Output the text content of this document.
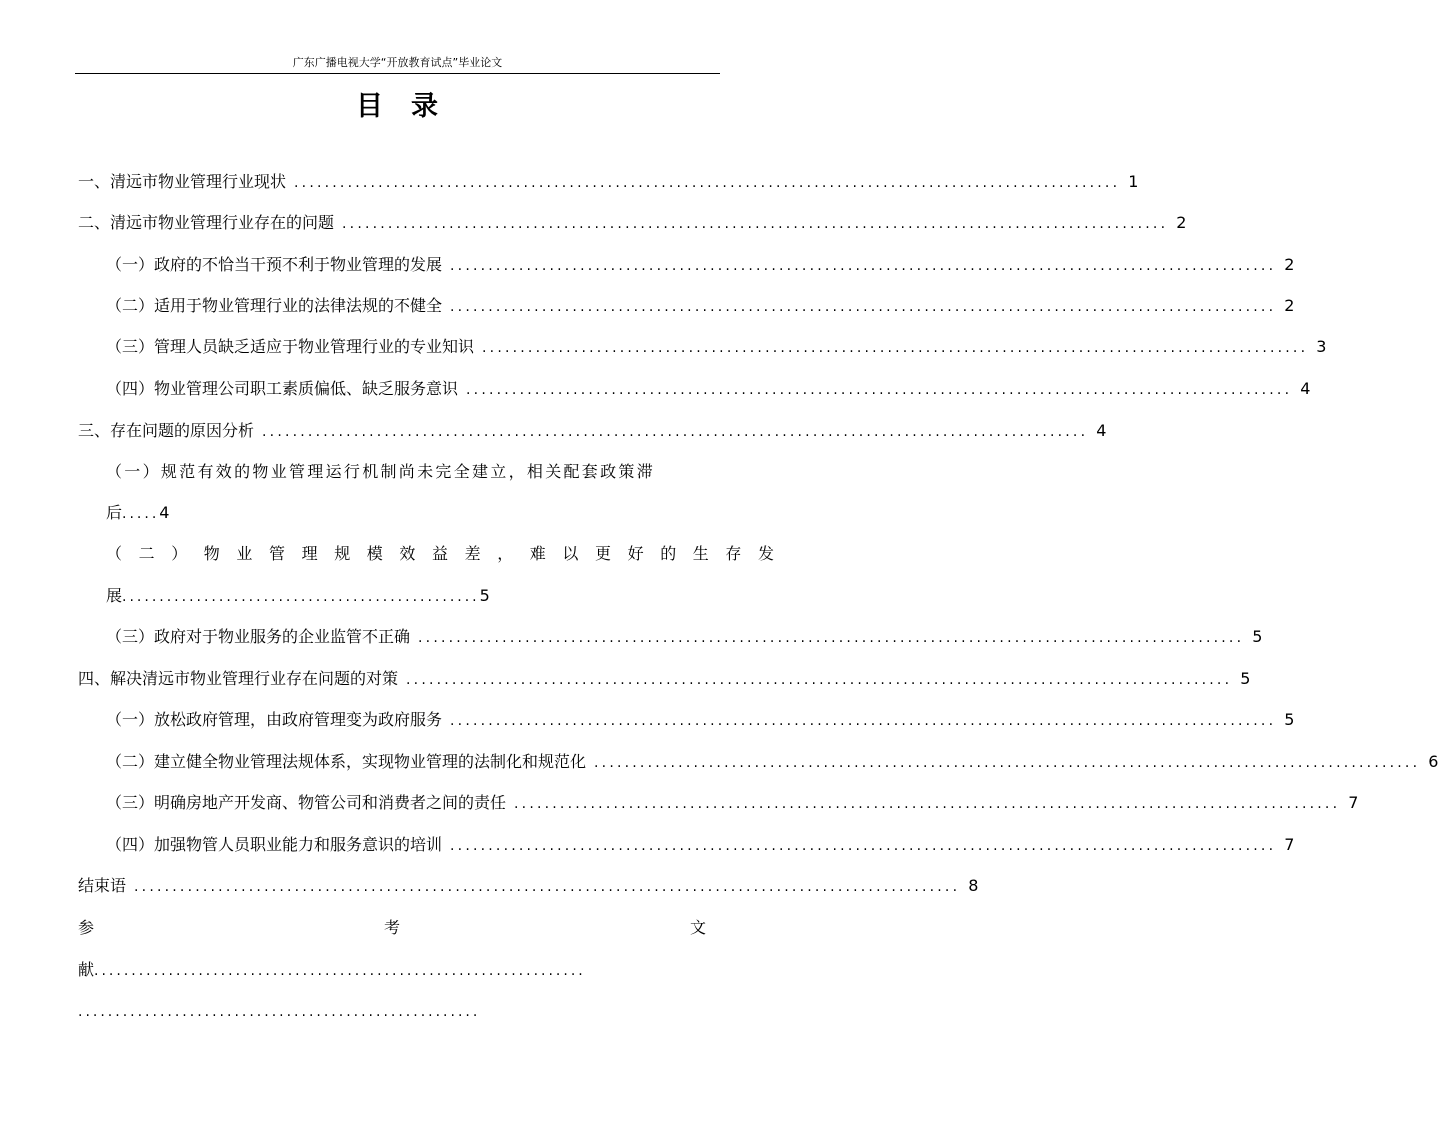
广东广播电视大学“开放教育试点”毕业论文
目录
一、清远市物业管理行业现状 ............................................................................................................ 1
二、清远市物业管理行业存在的问题 ............................................................................................................ 2
（一）政府的不恰当干预不利于物业管理的发展 ............................................................................................................ 2
（二）适用于物业管理行业的法律法规的不健全 ............................................................................................................ 2
（三）管理人员缺乏适应于物业管理行业的专业知识 ............................................................................................................ 3
（四）物业管理公司职工素质偏低、缺乏服务意识 ............................................................................................................ 4
三、存在问题的原因分析 ............................................................................................................ 4
（一）规范有效的物业管理运行机制尚未完全建立，相关配套政策滞
后.....4
（二）物业管理规模效益差，难以更好的生存发
展................................................5
（三）政府对于物业服务的企业监管不正确 ............................................................................................................ 5
四、解决清远市物业管理行业存在问题的对策 ............................................................................................................ 5
（一）放松政府管理，由政府管理变为政府服务 ............................................................................................................ 5
（二）建立健全物业管理法规体系，实现物业管理的法制化和规范化 ............................................................................................................ 6
（三）明确房地产开发商、物管公司和消费者之间的责任 ............................................................................................................ 7
（四）加强物管人员职业能力和服务意识的培训 ............................................................................................................ 7
结束语 ............................................................................................................ 8
参考文
献..................................................................
......................................................
